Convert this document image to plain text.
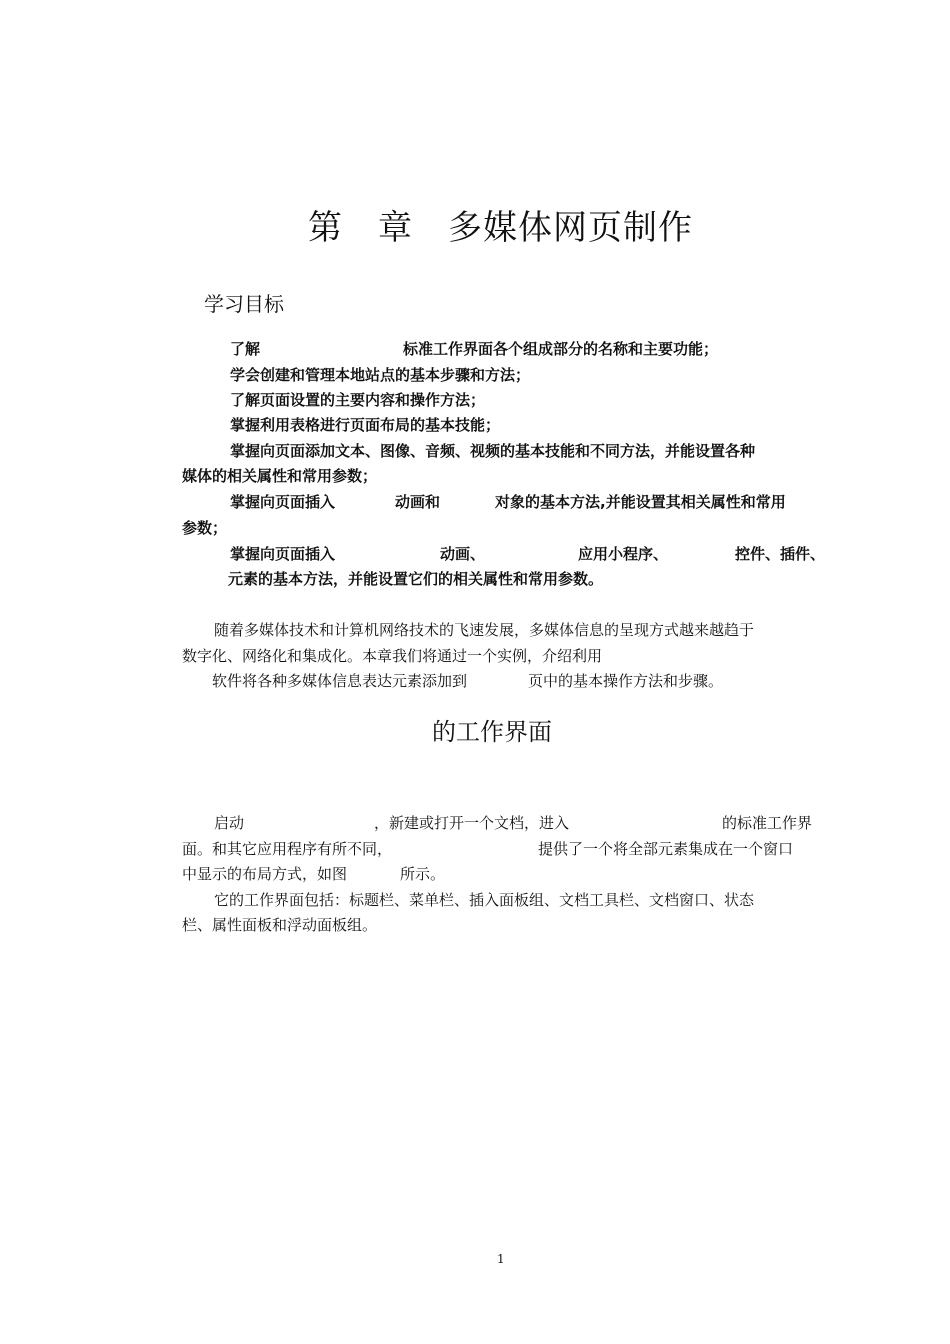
第 章 多媒体网页制作
学习目标
了解	标准工作界面各个组成部分的名称和主要功能；
学会创建和管理本地站点的基本步骤和方法；
了解页面设置的主要内容和操作方法；
掌握利用表格进行页面布局的基本技能；
掌握向页面添加文本、图像、音频、视频的基本技能和不同方法，并能设置各种
媒体的相关属性和常用参数；
掌握向页面插入	动画和	对象的基本方法,并能设置其相关属性和常用
参数；
掌握向页面插入	动画、	应用小程序、	控件、插件、
元素的基本方法，并能设置它们的相关属性和常用参数。
随着多媒体技术和计算机网络技术的飞速发展，多媒体信息的呈现方式越来越趋于
数字化、网络化和集成化。本章我们将通过一个实例，介绍利用
软件将各种多媒体信息表达元素添加到	页中的基本操作方法和步骤。
的工作界面
启动	，新建或打开一个文档，进入	的标准工作界
面。和其它应用程序有所不同，	提供了一个将全部元素集成在一个窗口
中显示的布局方式，如图	所示。
它的工作界面包括：标题栏、菜单栏、插入面板组、文档工具栏、文档窗口、状态
栏、属性面板和浮动面板组。
1
